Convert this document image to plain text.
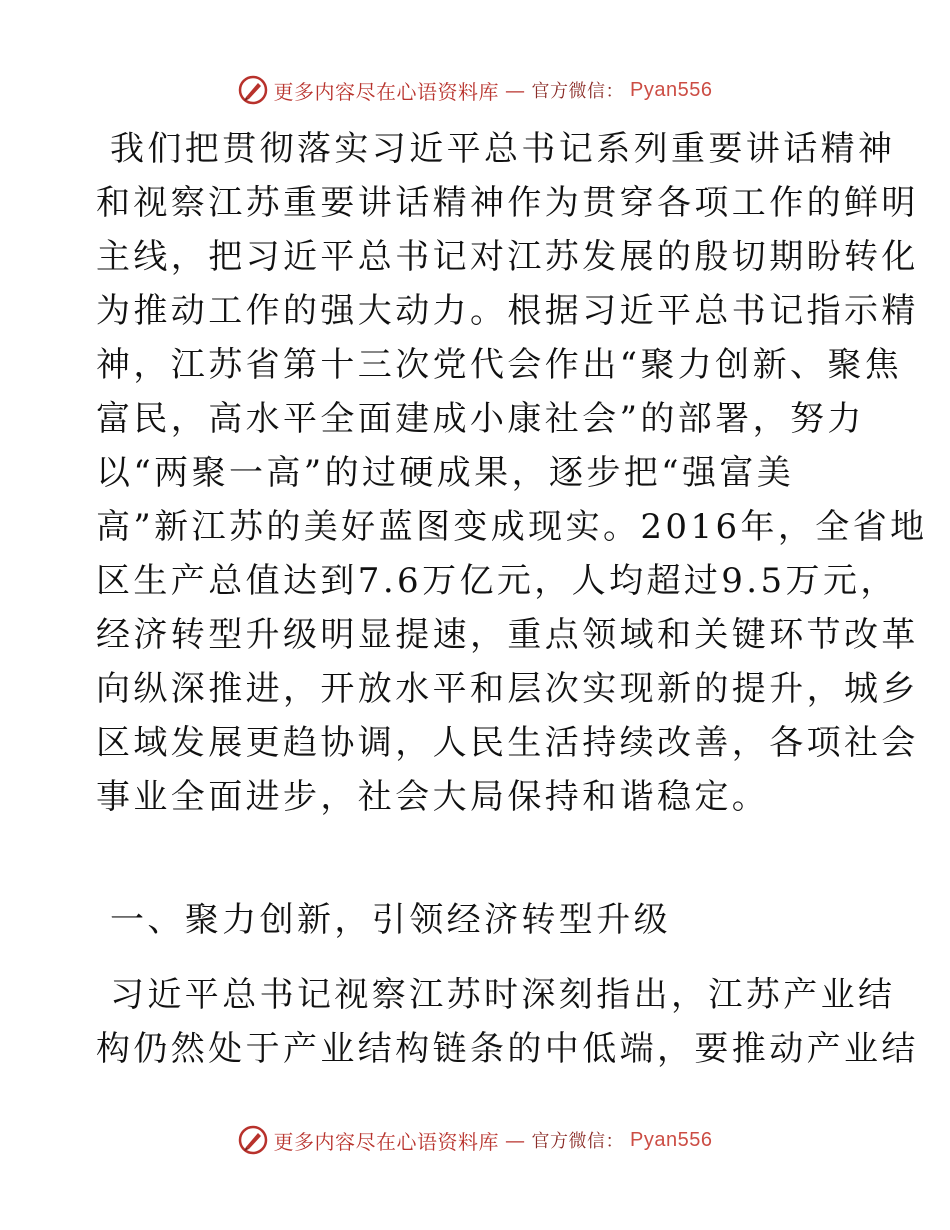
更多内容尽在心语资料库 — 官方微信： Pyan556
我们把贯彻落实习近平总书记系列重要讲话精神
和视察江苏重要讲话精神作为贯穿各项工作的鲜明
主线，把习近平总书记对江苏发展的殷切期盼转化
为推动工作的强大动力。根据习近平总书记指示精
神，江苏省第十三次党代会作出“聚力创新、聚焦
富民，高水平全面建成小康社会”的部署，努力
以“两聚一高”的过硬成果，逐步把“强富美
高”新江苏的美好蓝图变成现实。2016年，全省地
区生产总值达到7.6万亿元，人均超过9.5万元，
经济转型升级明显提速，重点领域和关键环节改革
向纵深推进，开放水平和层次实现新的提升，城乡
区域发展更趋协调，人民生活持续改善，各项社会
事业全面进步，社会大局保持和谐稳定。
一、聚力创新，引领经济转型升级
习近平总书记视察江苏时深刻指出，江苏产业结
构仍然处于产业结构链条的中低端，要推动产业结
更多内容尽在心语资料库 — 官方微信： Pyan556
